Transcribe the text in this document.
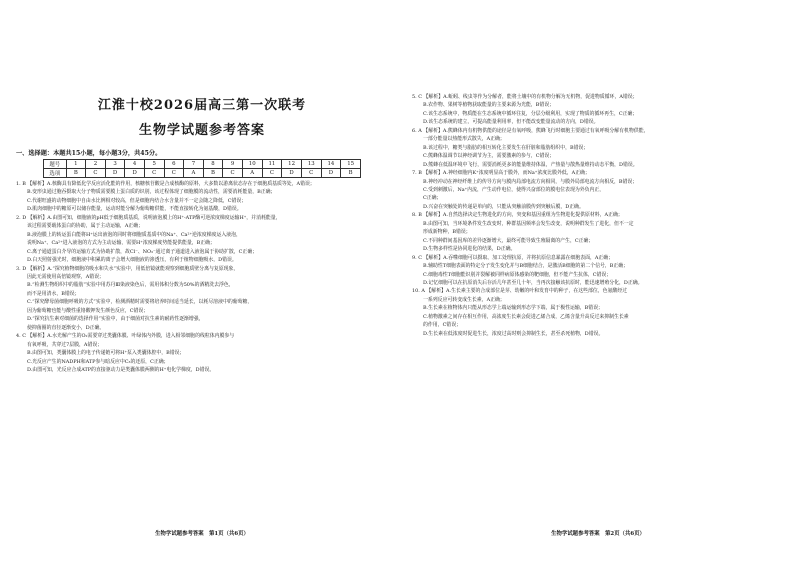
江淮十校2026届高三第一次联考
生物学试题参考答案
一、选择题：本题共15小题，每小题3分，共45分。
题号	1	2	3	4	5	6	7	8	9	10	11	12	13	14	15
选项	B	C	D	D	C	C	A	B	C	A	C	D	C	D	B

1. B 【解析】A.核酶具有降低化学反应活化能的作用，核糖核苷酸是合成核酶的原料，大多数以游离状态存在于细胞质基质等处，A错误；

B.变形虫通过胞吞摄取大分子物质需要膜上蛋白质的识别，该过程体现了细胞膜的流动性，需要消耗能量，B正确；

C.代谢旺盛的动物细胞中自由水比例相对较高，但是细胞内结合水含量并不一定会随之降低，C错误；

D.肌肉细胞中的糖原可以储存能量，运动时能分解为葡萄糖供能，不能直接转化为氨基酸，D错误。

2. D 【解析】A.由图可知，细胞液的pH低于细胞质基质，说明液泡膜上的H⁺-ATP酶可逆浓度梯度运输H⁺，并消耗能量，

该过程需要载体蛋白的协助，属于主动运输，A正确；

B.液泡膜上的转运蛋白能将H⁺运出液泡的同时将细胞质基质中的Na⁺、Ca²⁺逆浓度梯度运入液泡，

说明Na⁺、Ca²⁺进入液泡的方式为主动运输，需要H⁺浓度梯度势能提供能量，B正确；

C.离子通道蛋白介导的运输方式为协助扩散，故Cl⁻、NO₃⁻通过离子通道进入液泡属于协助扩散，C正确；

D.白天照射强光时，细胞液中积累的离子会增大细胞液的渗透压，有利于植物细胞吸水，D错误。

3. D 【解析】A.“探究植物细胞的吸水和失水”实验中，用低倍镜就能观察到细胞质壁分离与复原现象，

因此无需使用高倍镜观察，A错误；

B.“检测生物组织中的脂肪”实验中用苏丹Ⅲ染液染色后，需用体积分数为50%的酒精洗去浮色，

而不是用清水，B错误；

C.“探究酵母菌细胞呼吸的方式”实验中，检测酒精时需要将培养时间适当延长，以耗尽溶液中的葡萄糖，

因为葡萄糖也能与酸性重铬酸钾发生颜色反应，C错误；

D.“探究抗生素对细菌的选择作用”实验中，由于细菌对抗生素的耐药性逐渐增强，

使抑菌圈的直径逐渐变小，D正确。

4. C 【解析】A.水光解产生的O₂需要穿过类囊体膜、叶绿体内外膜，进入相邻细胞的线粒体内膜参与

有氧呼吸，共穿过7层膜，A错误；

B.由图可知，类囊体膜上的电子传递链可将H⁺泵入类囊体腔中，B错误；

C.光反应产生的NADPH和ATP参与暗反应中C₃的还原，C正确；

D.由图可知，光反应合成ATP的直接驱动力是类囊体膜两侧的H⁺电化学梯度，D错误。

生物学试题参考答案　第1页（共6页）

5. C 【解析】A.蚯蚓、线虫等作为分解者，能将土壤中的有机物分解为无机物，促进物质循环，A错误；

B.农作物、果树等植物获取能量的主要来源为光能，B错误；

C.该生态系统中，物质能在生态系统中循环往复，分层分级利用，实现了物质的循环再生，C正确；

D.该生态系统的建立，可提高能量利用率，但不能改变能量流动的方向，D错误。

6. A 【解析】A.熊蜂体内有机物供能的途径是有氧呼吸，熊蜂飞行时细胞主要通过有氧呼吸分解有机物供能，

一部分能量以热能形式散失，A正确；

B.该过程中，糖类与脂肪的相互转化主要发生在肝脏和脂肪组织中，B错误；

C.熊蜂体温调节以神经调节为主，需要激素的参与，C错误；

D.熊蜂在低温环境中飞行，需要消耗更多的能量维持体温，产热量与散热量维持动态平衡，D错误。

7. B 【解析】A.神经细胞内K⁺浓度明显高于膜外，而Na⁺浓度比膜外低，A正确；

B.神经冲动在神经纤维上的传导方向与膜内局部电流方向相同，与膜外局部电流方向相反，B错误；

C.受到刺激后，Na⁺内流，产生动作电位，使得兴奋部位的膜电位表现为外负内正，

C正确；

D.兴奋在突触处的传递是单向的，只能从突触前膜传到突触后膜，D正确。

8. B 【解析】A.自然选择决定生物进化的方向，突变和基因重组为生物进化提供原材料，A正确；

B.由图可知，当环境条件发生改变时，种群基因频率会发生改变，说明种群发生了进化，但不一定

形成新物种，B错误；

C.不同种群间基因库的差异逐渐增大，最终可能导致生殖隔离的产生，C正确；

D.生物多样性是协同进化的结果，D正确。

9. C 【解析】A.吞噬细胞可以摄取、加工处理抗原，并将抗原信息暴露在细胞表面，A正确；

B.辅助性T细胞表面的特定分子发生变化并与B细胞结合，是激活B细胞的第二个信号，B正确；

C.细胞毒性T细胞能识别并裂解被同样病原体感染的靶细胞，但不能产生抗体，C错误；

D.记忆细胞可以在抗原消失后存活几年甚至几十年，当再次接触该抗原时，能迅速增殖分化，D正确。

10. A 【解析】A.生长素主要的合成部位是芽、幼嫩的叶和发育中的种子，在这些部位，色氨酸经过

一系列反应可转变成生长素，A正确；

B.生长素在植物体内只能从形态学上端运输到形态学下端，属于极性运输，B错误；

C.植物激素之间存在相互作用，高浓度生长素会促进乙烯合成，乙烯含量升高反过来抑制生长素

的作用，C错误；

D.生长素在低浓度时促进生长，浓度过高时则会抑制生长，甚至杀死植物，D错误。

生物学试题参考答案　第2页（共6页）
